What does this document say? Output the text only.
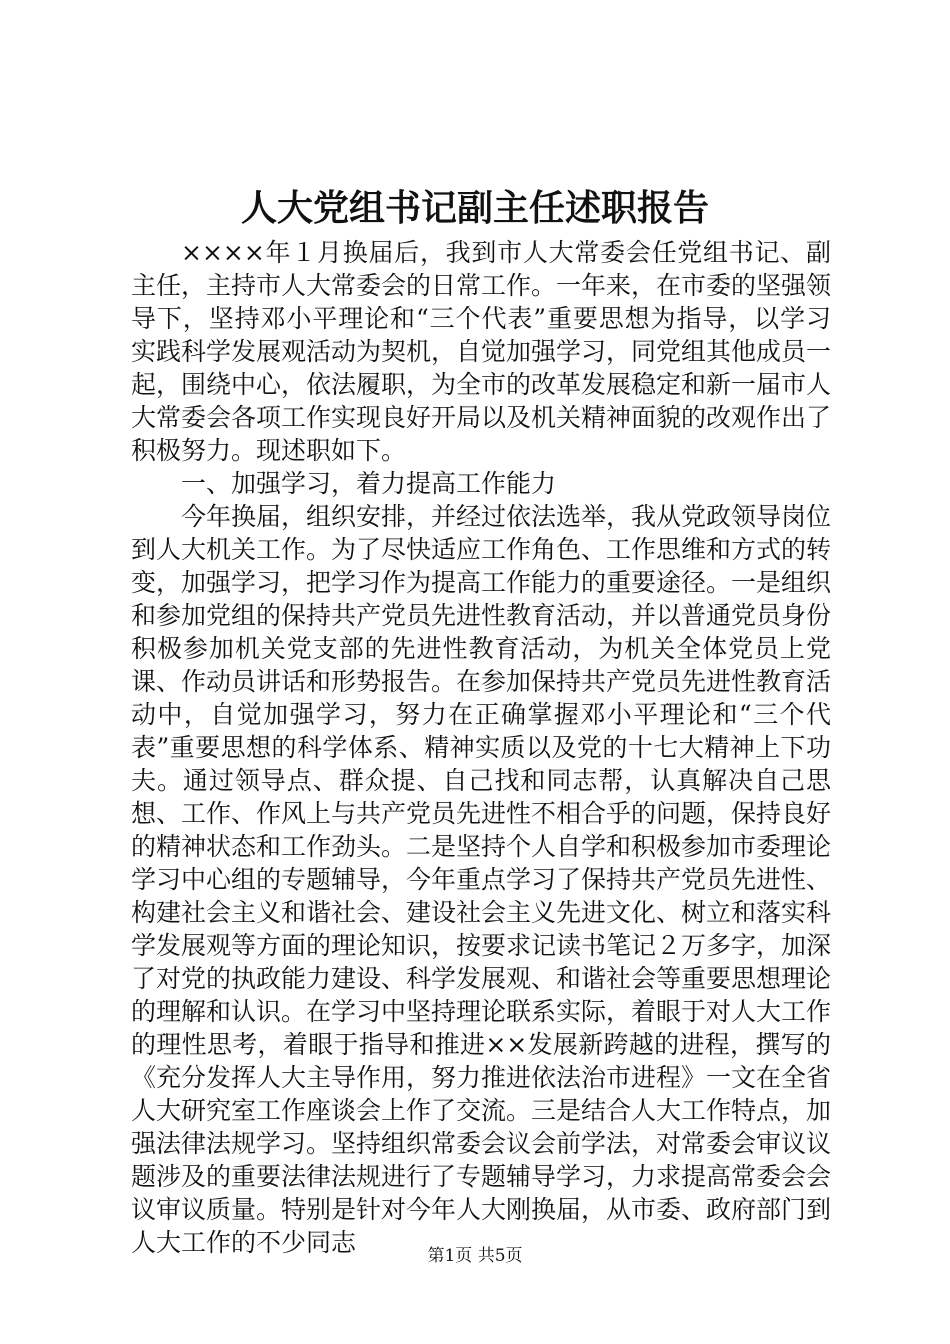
人大党组书记副主任述职报告

××××年１月换届后，我到市人大常委会任党组书记、副主任，主持市人大常委会的日常工作。一年来，在市委的坚强领导下，坚持邓小平理论和“三个代表”重要思想为指导，以学习实践科学发展观活动为契机，自觉加强学习，同党组其他成员一起，围绕中心，依法履职，为全市的改革发展稳定和新一届市人大常委会各项工作实现良好开局以及机关精神面貌的改观作出了积极努力。现述职如下。

一、加强学习，着力提高工作能力

今年换届，组织安排，并经过依法选举，我从党政领导岗位到人大机关工作。为了尽快适应工作角色、工作思维和方式的转变，加强学习，把学习作为提高工作能力的重要途径。一是组织和参加党组的保持共产党员先进性教育活动，并以普通党员身份积极参加机关党支部的先进性教育活动，为机关全体党员上党课、作动员讲话和形势报告。在参加保持共产党员先进性教育活动中，自觉加强学习，努力在正确掌握邓小平理论和“三个代表”重要思想的科学体系、精神实质以及党的十七大精神上下功夫。通过领导点、群众提、自己找和同志帮，认真解决自己思想、工作、作风上与共产党员先进性不相合乎的问题，保持良好的精神状态和工作劲头。二是坚持个人自学和积极参加市委理论学习中心组的专题辅导，今年重点学习了保持共产党员先进性、构建社会主义和谐社会、建设社会主义先进文化、树立和落实科学发展观等方面的理论知识，按要求记读书笔记２万多字，加深了对党的执政能力建设、科学发展观、和谐社会等重要思想理论的理解和认识。在学习中坚持理论联系实际，着眼于对人大工作的理性思考，着眼于指导和推进××发展新跨越的进程，撰写的《充分发挥人大主导作用，努力推进依法治市进程》一文在全省人大研究室工作座谈会上作了交流。三是结合人大工作特点，加强法律法规学习。坚持组织常委会议会前学法，对常委会审议议题涉及的重要法律法规进行了专题辅导学习，力求提高常委会会议审议质量。特别是针对今年人大刚换届，从市委、政府部门到人大工作的不少同志	第1页 共5页
